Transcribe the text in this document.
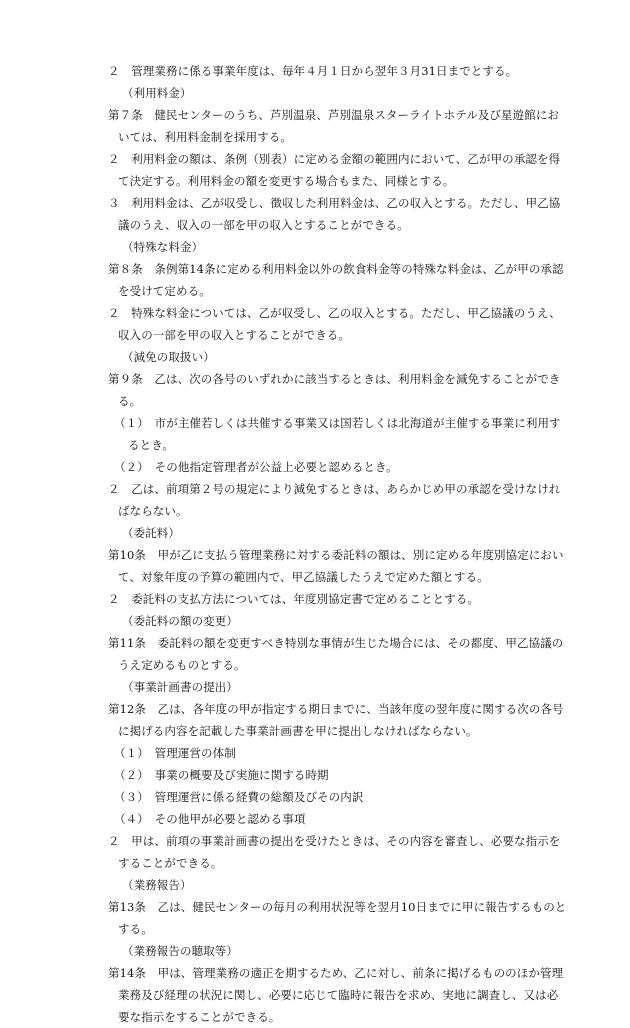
２　管理業務に係る事業年度は、毎年４月１日から翌年３月31日までとする。
（利用料金）
第７条　健民センターのうち、芦別温泉、芦別温泉スターライトホテル及び星遊館にお
いては、利用料金制を採用する。
２　利用料金の額は、条例（別表）に定める金額の範囲内において、乙が甲の承認を得
て決定する。利用料金の額を変更する場合もまた、同様とする。
３　利用料金は、乙が収受し、徴収した利用料金は、乙の収入とする。ただし、甲乙協
議のうえ、収入の一部を甲の収入とすることができる。
（特殊な料金）
第８条　条例第14条に定める利用料金以外の飲食料金等の特殊な料金は、乙が甲の承認
を受けて定める。
２　特殊な料金については、乙が収受し、乙の収入とする。ただし、甲乙協議のうえ、
収入の一部を甲の収入とすることができる。
（減免の取扱い）
第９条　乙は、次の各号のいずれかに該当するときは、利用料金を減免することができ
る。
（１）　市が主催若しくは共催する事業又は国若しくは北海道が主催する事業に利用す
るとき。
（２）　その他指定管理者が公益上必要と認めるとき。
２　乙は、前項第２号の規定により減免するときは、あらかじめ甲の承認を受けなけれ
ばならない。
（委託料）
第10条　甲が乙に支払う管理業務に対する委託料の額は、別に定める年度別協定におい
て、対象年度の予算の範囲内で、甲乙協議したうえで定めた額とする。
２　委託料の支払方法については、年度別協定書で定めることとする。
（委託料の額の変更）
第11条　委託料の額を変更すべき特別な事情が生じた場合には、その都度、甲乙協議の
うえ定めるものとする。
（事業計画書の提出）
第12条　乙は、各年度の甲が指定する期日までに、当該年度の翌年度に関する次の各号
に掲げる内容を記載した事業計画書を甲に提出しなければならない。
（１）　管理運営の体制
（２）　事業の概要及び実施に関する時期
（３）　管理運営に係る経費の総額及びその内訳
（４）　その他甲が必要と認める事項
２　甲は、前項の事業計画書の提出を受けたときは、その内容を審査し、必要な指示を
することができる。
（業務報告）
第13条　乙は、健民センターの毎月の利用状況等を翌月10日までに甲に報告するものと
する。
（業務報告の聴取等）
第14条　甲は、管理業務の適正を期するため、乙に対し、前条に掲げるもののほか管理
業務及び経理の状況に関し、必要に応じて臨時に報告を求め、実地に調査し、又は必
要な指示をすることができる。
